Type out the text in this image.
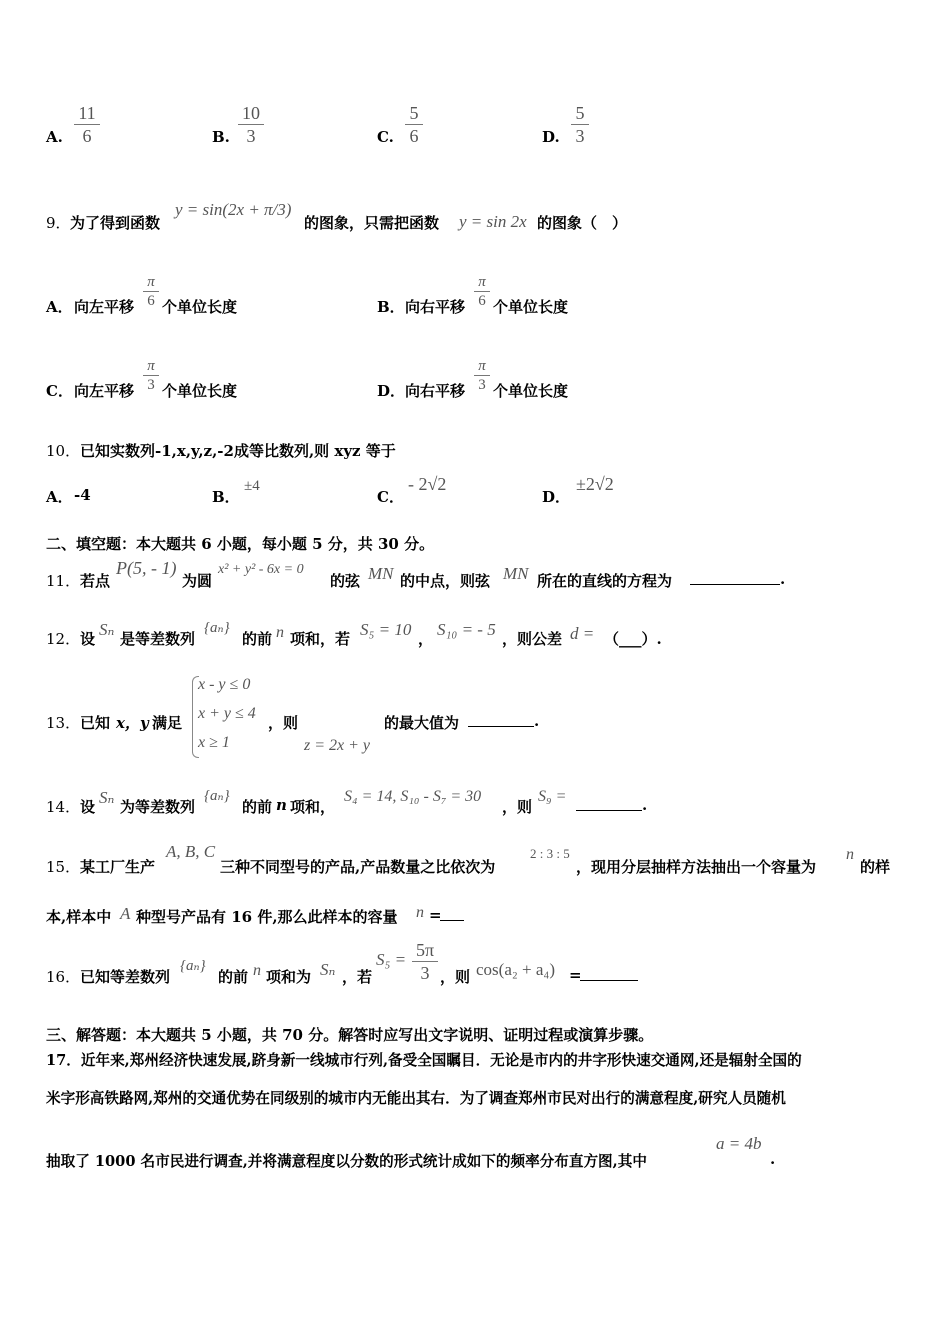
A.
11
6	B.
10
3	C.
5
6	D.
5
3
9． 为了得到函数
y = sin(2x + π/3)
的图象，只需把函数 y = sin 2x 的图象（　）
A． 向左平移
π
6 个单位长度	B． 向右平移
π
6 个单位长度
C． 向左平移
π
3 个单位长度	D． 向右平移
π
3 个单位长度
10． 已知实数列-1,x,y,z,-2成等比数列,则 xyz 等于
A． -4	B．
±4
C．
- 2√2
D．
±2√2
二、填空题：本大题共 6 小题，每小题 5 分，共 30 分。
11． 若点
P(5, - 1)
为圆
x² + y² - 6x = 0
的弦 MN 的中点，则弦 MN 所在的直线的方程为	.
12． 设 Sₙ 是等差数列
{aₙ}
的前 n 项和，若 S₅ = 10 ， S₁₀ = - 5 ，则公差 d = （___）.
13． 已知 x，y 满足
x - y ≤ 0
x + y ≤ 4
x ≥ 1
，则
z = 2x + y
的最大值为	.
14． 设 Sₙ 为等差数列
{aₙ}
的前 n 项和，
S₄ = 14, S₁₀ - S₇ = 30
，则
S₉ =	.
15． 某工厂生产
A, B, C
三种不同型号的产品,产品数量之比依次为
2 : 3 : 5
，现用分层抽样方法抽出一个容量为
n
的样
本,样本中 A 种型号产品有 16 件,那么此样本的容量 n =
16． 已知等差数列
{aₙ}
的前 n 项和为 Sₙ ，若
S₅ = 5π
3 ，则 cos(a₂ + a₄) =
三、解答题：本大题共 5 小题，共 70 分。解答时应写出文字说明、证明过程或演算步骤。
17．近年来,郑州经济快速发展,跻身新一线城市行列,备受全国瞩目．无论是市内的井字形快速交通网,还是辐射全国的
米字形高铁路网,郑州的交通优势在同级别的城市内无能出其右．为了调查郑州市民对出行的满意程度,研究人员随机
抽取了 1000 名市民进行调查,并将满意程度以分数的形式统计成如下的频率分布直方图,其中
a = 4b
.
